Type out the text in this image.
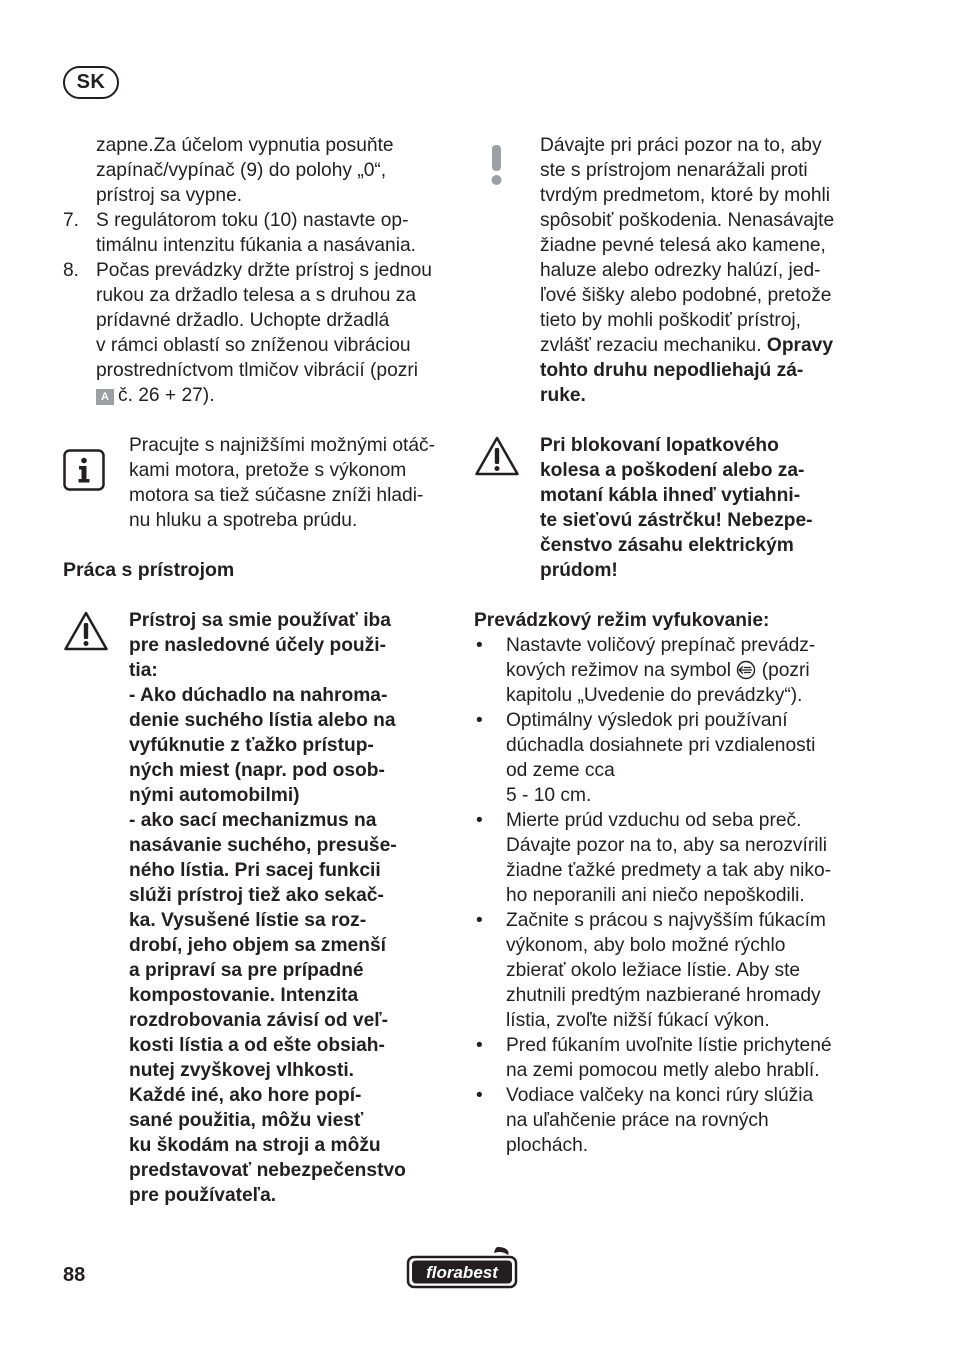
SK

zapne.Za účelom vypnutia posuňte

zapínač/vypínač (9) do polohy „0“,

prístroj sa vypne.

7. S regulátorom toku (10) nastavte op-

timálnu intenzitu fúkania a nasávania.

8. Počas prevádzky držte prístroj s jednou

rukou za držadlo telesa a s druhou za

prídavné držadlo. Uchopte držadlá

v rámci oblastí so zníženou vibráciou

prostredníctvom tlmičov vibrácií (pozri

A č. 26 + 27).

Pracujte s najnižšími možnými otáč-

kami motora, pretože s výkonom

motora sa tiež súčasne zníži hladi-

nu hluku a spotreba prúdu.

Práca s prístrojom

Prístroj sa smie používať iba

pre nasledovné účely použi-

tia:

- Ako dúchadlo na nahroma-

denie suchého lístia alebo na

vyfúknutie z ťažko prístup-

ných miest (napr. pod osob-

nými automobilmi)

- ako sací mechanizmus na

nasávanie suchého, presuše-

ného lístia. Pri sacej funkcii

slúži prístroj tiež ako sekač-

ka. Vysušené lístie sa roz-

drobí, jeho objem sa zmenší

a pripraví sa pre prípadné

kompostovanie. Intenzita

rozdrobovania závisí od veľ-

kosti lístia a od ešte obsiah-

nutej zvyškovej vlhkosti.

Každé iné, ako hore popí-

sané použitia, môžu viesť

ku škodám na stroji a môžu

predstavovať nebezpečenstvo

pre používateľa.

Dávajte pri práci pozor na to, aby

ste s prístrojom nenarážali proti

tvrdým predmetom, ktoré by mohli

spôsobiť poškodenia. Nenasávajte

žiadne pevné telesá ako kamene,

haluze alebo odrezky halúzí, jed-

ľové šišky alebo podobné, pretože

tieto by mohli poškodiť prístroj,

zvlášť rezaciu mechaniku. Opravy

tohto druhu nepodliehajú zá-

ruke.

Pri blokovaní lopatkového

kolesa a poškodení alebo za-

motaní kábla ihneď vytiahni-

te sieťovú zástrčku! Nebezpe-

čenstvo zásahu elektrickým

prúdom!

Prevádzkový režim vyfukovanie:

• Nastavte voličový prepínač prevádz-

kových režimov na symbol (pozri

kapitolu „Uvedenie do prevádzky“).

• Optimálny výsledok pri používaní

dúchadla dosiahnete pri vzdialenosti

od zeme cca

5 - 10 cm.

• Mierte prúd vzduchu od seba preč.

Dávajte pozor na to, aby sa nerozvírili

žiadne ťažké predmety a tak aby niko-

ho neporanili ani niečo nepoškodili.

• Začnite s prácou s najvyšším fúkacím

výkonom, aby bolo možné rýchlo

zbierať okolo ležiace lístie. Aby ste

zhutnili predtým nazbierané hromady

lístia, zvoľte nižší fúkací výkon.

• Pred fúkaním uvoľnite lístie prichytené

na zemi pomocou metly alebo hrablí.

• Vodiace valčeky na konci rúry slúžia

na uľahčenie práce na rovných

plochách.

88	florabest
